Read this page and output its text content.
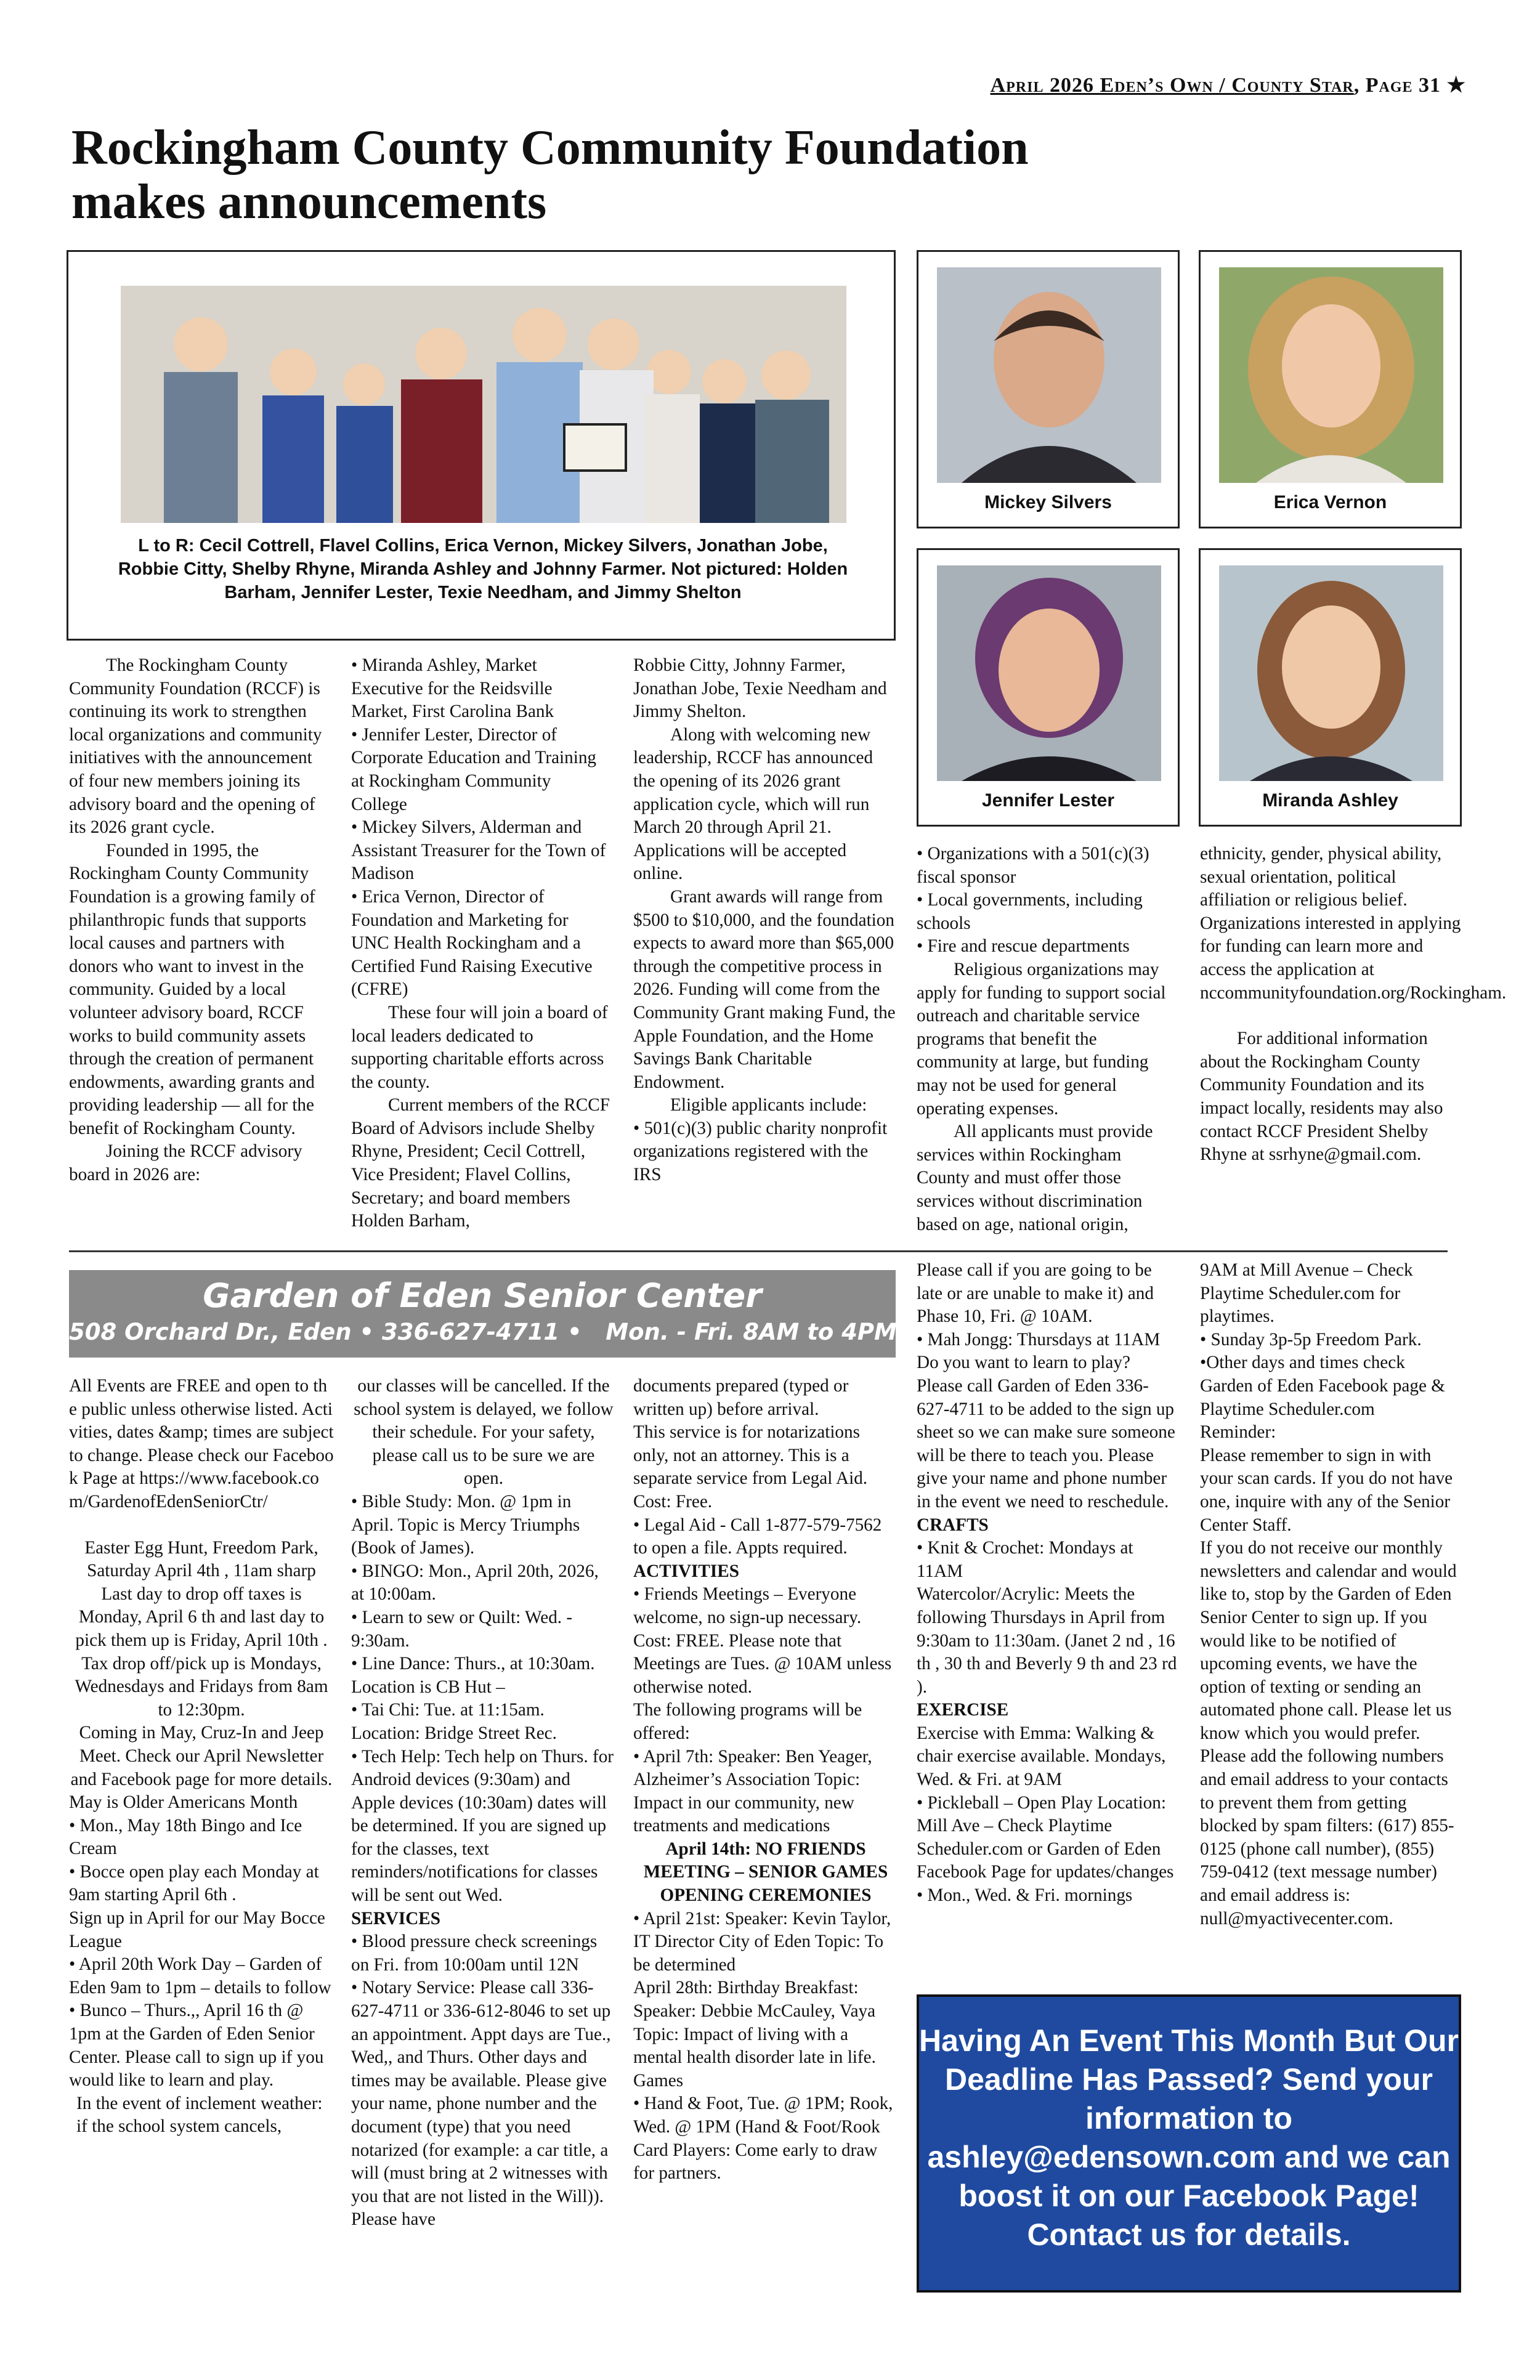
April 2026 Eden’s Own / County Star, Page 31 ★
Rockingham County Community Foundation
makes announcements
L to R: Cecil Cottrell, Flavel Collins, Erica Vernon, Mickey Silvers, Jonathan Jobe, Robbie Citty, Shelby Rhyne, Miranda Ashley and Johnny Farmer. Not pictured: Holden Barham, Jennifer Lester, Texie Needham, and Jimmy Shelton
Mickey Silvers	Erica Vernon
Jennifer Lester	Miranda Ashley

The Rockingham County Community Foundation (RCCF) is continuing its work to strengthen local organizations and community initiatives with the announcement of four new members joining its advisory board and the opening of its 2026 grant cycle.

Founded in 1995, the Rockingham County Community Foundation is a growing family of philanthropic funds that supports local causes and partners with donors who want to invest in the community. Guided by a local volunteer advisory board, RCCF works to build community assets through the creation of permanent endowments, awarding grants and providing leadership — all for the benefit of Rockingham County.

Joining the RCCF advisory board in 2026 are:

• Miranda Ashley, Market Executive for the Reidsville Market, First Carolina Bank

• Jennifer Lester, Director of Corporate Education and Training at Rockingham Community College

• Mickey Silvers, Alderman and Assistant Treasurer for the Town of Madison

• Erica Vernon, Director of Foundation and Marketing for UNC Health Rockingham and a Certified Fund Raising Executive (CFRE)

These four will join a board of local leaders dedicated to supporting charitable efforts across the county.

Current members of the RCCF Board of Advisors include Shelby Rhyne, President; Cecil Cottrell, Vice President; Flavel Collins, Secretary; and board members Holden Barham,

Robbie Citty, Johnny Farmer, Jonathan Jobe, Texie Needham and Jimmy Shelton.

Along with welcoming new leadership, RCCF has announced the opening of its 2026 grant application cycle, which will run March 20 through April 21. Applications will be accepted online.

Grant awards will range from $500 to $10,000, and the foundation expects to award more than $65,000 through the competitive process in 2026. Funding will come from the Community Grant making Fund, the Apple Foundation, and the Home Savings Bank Charitable Endowment.

Eligible applicants include:

• 501(c)(3) public charity nonprofit organizations registered with the IRS

• Organizations with a 501(c)(3) fiscal sponsor

• Local governments, including schools

• Fire and rescue departments

Religious organizations may apply for funding to support social outreach and charitable service programs that benefit the community at large, but funding may not be used for general operating expenses.

All applicants must provide services within Rockingham County and must offer those services without discrimination based on age, national origin,

ethnicity, gender, physical ability, sexual orientation, political affiliation or religious belief. Organizations interested in applying for funding can learn more and access the application at nccommunityfoundation.org/Rockingham.

For additional information about the Rockingham County Community Foundation and its impact locally, residents may also contact RCCF President Shelby Rhyne at ssrhyne@gmail.com.

Garden of Eden Senior Center
508 Orchard Dr., Eden • 336-627-4711 •   Mon. - Fri. 8AM to 4PM

All Events are FREE and open to the public unless otherwise listed. Activities, dates &amp; times are subject to change. Please check our Facebook Page at https://www.facebook.com/GardenofEdenSeniorCtr/

Easter Egg Hunt, Freedom Park, Saturday April 4th , 11am sharp

Last day to drop off taxes is Monday, April 6 th and last day to pick them up is Friday, April 10th .

Tax drop off/pick up is Mondays, Wednesdays and Fridays from 8am to 12:30pm.

Coming in May, Cruz-In and Jeep Meet. Check our April Newsletter and Facebook page for more details.

May is Older Americans Month

• Mon., May 18th Bingo and Ice Cream

• Bocce open play each Monday at 9am starting April 6th .

Sign up in April for our May Bocce League

• April 20th Work Day – Garden of Eden 9am to 1pm – details to follow

• Bunco – Thurs.,, April 16 th @ 1pm at the Garden of Eden Senior Center. Please call to sign up if you would like to learn and play.

In the event of inclement weather: if the school system cancels,

our classes will be cancelled. If the school system is delayed, we follow their schedule. For your safety, please call us to be sure we are open.

• Bible Study: Mon. @ 1pm in April. Topic is Mercy Triumphs (Book of James).

• BINGO: Mon., April 20th, 2026, at 10:00am.

• Learn to sew or Quilt: Wed. - 9:30am.

• Line Dance: Thurs., at 10:30am. Location is CB Hut –

• Tai Chi: Tue. at 11:15am. Location: Bridge Street Rec.

• Tech Help: Tech help on Thurs. for Android devices (9:30am) and Apple devices (10:30am) dates will be determined. If you are signed up for the classes, text reminders/notifications for classes will be sent out Wed.

SERVICES

• Blood pressure check screenings on Fri. from 10:00am until 12N

• Notary Service: Please call 336-627-4711 or 336-612-8046 to set up an appointment. Appt days are Tue., Wed,, and Thurs. Other days and times may be available. Please give your name, phone number and the document (type) that you need notarized (for example: a car title, a will (must bring at 2 witnesses with you that are not listed in the Will)). Please have

documents prepared (typed or written up) before arrival.

This service is for notarizations only, not an attorney. This is a separate service from Legal Aid. Cost: Free.

• Legal Aid - Call 1-877-579-7562 to open a file. Appts required.

ACTIVITIES

• Friends Meetings – Everyone welcome, no sign-up necessary. Cost: FREE. Please note that Meetings are Tues. @ 10AM unless otherwise noted.

The following programs will be offered:

• April 7th: Speaker: Ben Yeager, Alzheimer’s Association Topic: Impact in our community, new treatments and medications

April 14th: NO FRIENDS MEETING – SENIOR GAMES OPENING CEREMONIES

• April 21st: Speaker: Kevin Taylor, IT Director City of Eden Topic: To be determined

April 28th: Birthday Breakfast: Speaker: Debbie McCauley, Vaya Topic: Impact of living with a mental health disorder late in life.

Games

• Hand & Foot, Tue. @ 1PM; Rook, Wed. @ 1PM (Hand & Foot/Rook Card Players: Come early to draw for partners.

Please call if you are going to be late or are unable to make it) and Phase 10, Fri. @ 10AM.

• Mah Jongg: Thursdays at 11AM Do you want to learn to play? Please call Garden of Eden 336-627-4711 to be added to the sign up sheet so we can make sure someone will be there to teach you. Please give your name and phone number in the event we need to reschedule.

CRAFTS

• Knit & Crochet: Mondays at 11AM

Watercolor/Acrylic: Meets the following Thursdays in April from 9:30am to 11:30am. (Janet 2 nd , 16 th , 30 th and Beverly 9 th and 23 rd ).

EXERCISE

Exercise with Emma: Walking & chair exercise available. Mondays, Wed. & Fri. at 9AM

• Pickleball – Open Play Location: Mill Ave – Check Playtime Scheduler.com or Garden of Eden Facebook Page for updates/changes

• Mon., Wed. & Fri. mornings

9AM at Mill Avenue – Check Playtime Scheduler.com for playtimes.

• Sunday 3p-5p Freedom Park.

•Other days and times check Garden of Eden Facebook page & Playtime Scheduler.com

Reminder:

Please remember to sign in with your scan cards. If you do not have one, inquire with any of the Senior Center Staff.

If you do not receive our monthly newsletters and calendar and would like to, stop by the Garden of Eden Senior Center to sign up. If you would like to be notified of upcoming events, we have the option of texting or sending an automated phone call. Please let us know which you would prefer. Please add the following numbers and email address to your contacts to prevent them from getting blocked by spam filters: (617) 855-0125 (phone call number), (855) 759-0412 (text message number) and email address is: null@myactivecenter.com.

Having An Event This Month But Our Deadline Has Passed? Send your information to ashley@edensown.com and we can boost it on our Facebook Page! Contact us for details.
